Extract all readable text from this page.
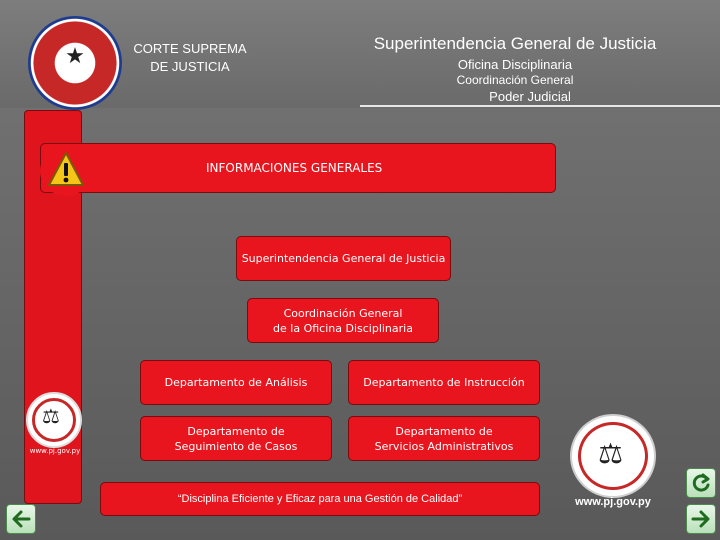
★	CORTE SUPREMA
DE JUSTICIA
Superintendencia General de Justicia
Oficina Disciplinaria
Coordinación General
Poder Judicial
INFORMACIONES GENERALES
Superintendencia General de Justicia
Coordinación General
de la Oficina Disciplinaria
Departamento de Análisis	Departamento de Instrucción
Departamento de
Seguimiento de Casos
Departamento de
Servicios Administrativos
⚖
www.pj.gov.py	⚖
www.pj.gov.py
“Disciplina Eficiente y Eficaz para una Gestión de Calidad”
